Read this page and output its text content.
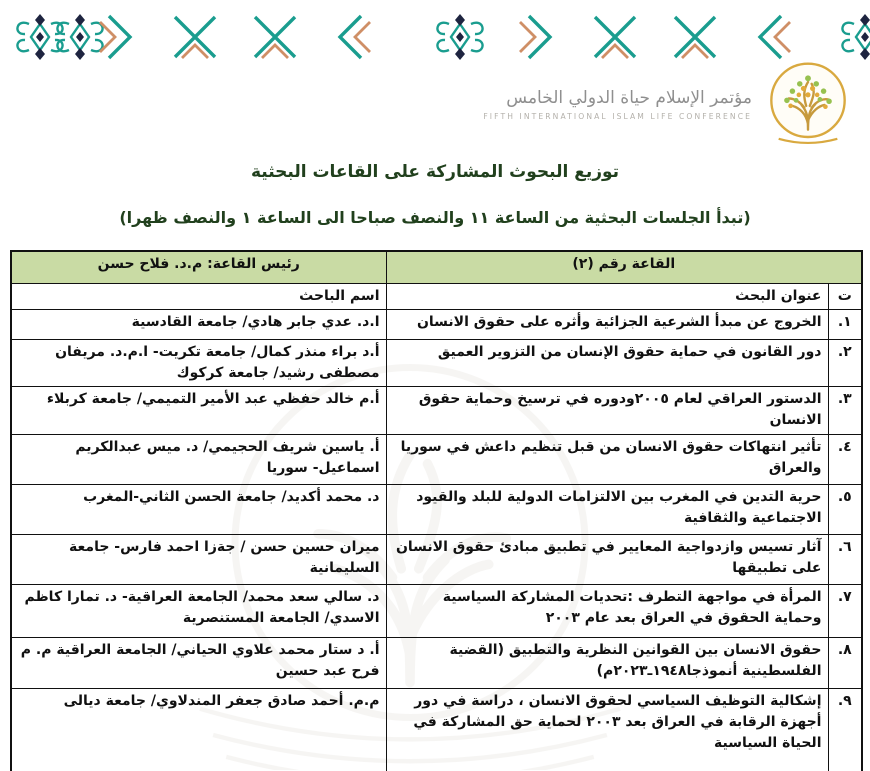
مؤتمر الإسلام حياة الدولي الخامس
FIFTH INTERNATIONAL ISLAM LIFE CONFERENCE
توزيع البحوث المشاركة على القاعات البحثية
(تبدأ الجلسات البحثية من الساعة ١١ والنصف صباحا الى الساعة ١ والنصف ظهرا)
القاعة رقم (٢)		رئيس القاعة: م.د. فلاح حسن
ت	عنوان البحث	اسم الباحث
١.	الخروج عن مبدأ الشرعية الجزائية وأثره على حقوق الانسان	ا.د. عدي جابر هادي/ جامعة القادسية
٢.	دور القانون في حماية حقوق الإنسان من التزوير العميق	أ.د براء منذر كمال/ جامعة تكريت- ا.م.د. مريفان مصطفى رشيد/ جامعة كركوك
٣.	الدستور العراقي لعام ٢٠٠٥ودوره في ترسيخ وحماية حقوق الانسان	أ.م خالد حفظي عبد الأمير التميمي/ جامعة كربلاء
٤.	تأثير انتهاكات حقوق الانسان من قبل تنظيم داعش في سوريا والعراق	أ. ياسين شريف الحجيمي/ د. ميس عبدالكريم اسماعيل- سوريا
٥.	حرية التدين في المغرب بين الالتزامات الدولية للبلد والقيود الاجتماعية والثقافية	د. محمد أكديد/ جامعة الحسن الثاني-المغرب
٦.	آثار تسيس وازدواجية المعايير في تطبيق مبادئ حقوق الانسان على تطبيقها	ميران حسين حسن / جةزا احمد فارس- جامعة السليمانية
٧.	المرأة في مواجهة التطرف :تحديات المشاركة السياسية وحماية الحقوق في العراق بعد عام ٢٠٠٣	د. سالي سعد محمد/ الجامعة العراقية- د. تمارا كاظم الاسدي/ الجامعة المستنصرية
٨.	حقوق الانسان بين القوانين النظرية والتطبيق (القضية الفلسطينية أنموذجا١٩٤٨ـ٢٠٢٣م)	أ. د ستار محمد علاوي الحياني/ الجامعة العراقية م. م فرح عبد حسين
٩.	إشكالية التوظيف السياسي لحقوق الانسان ، دراسة في دور أجهزة الرقابة في العراق بعد ٢٠٠٣ لحماية حق المشاركة في الحياة السياسية	م.م. أحمد صادق جعفر المندلاوي/ جامعة ديالى
